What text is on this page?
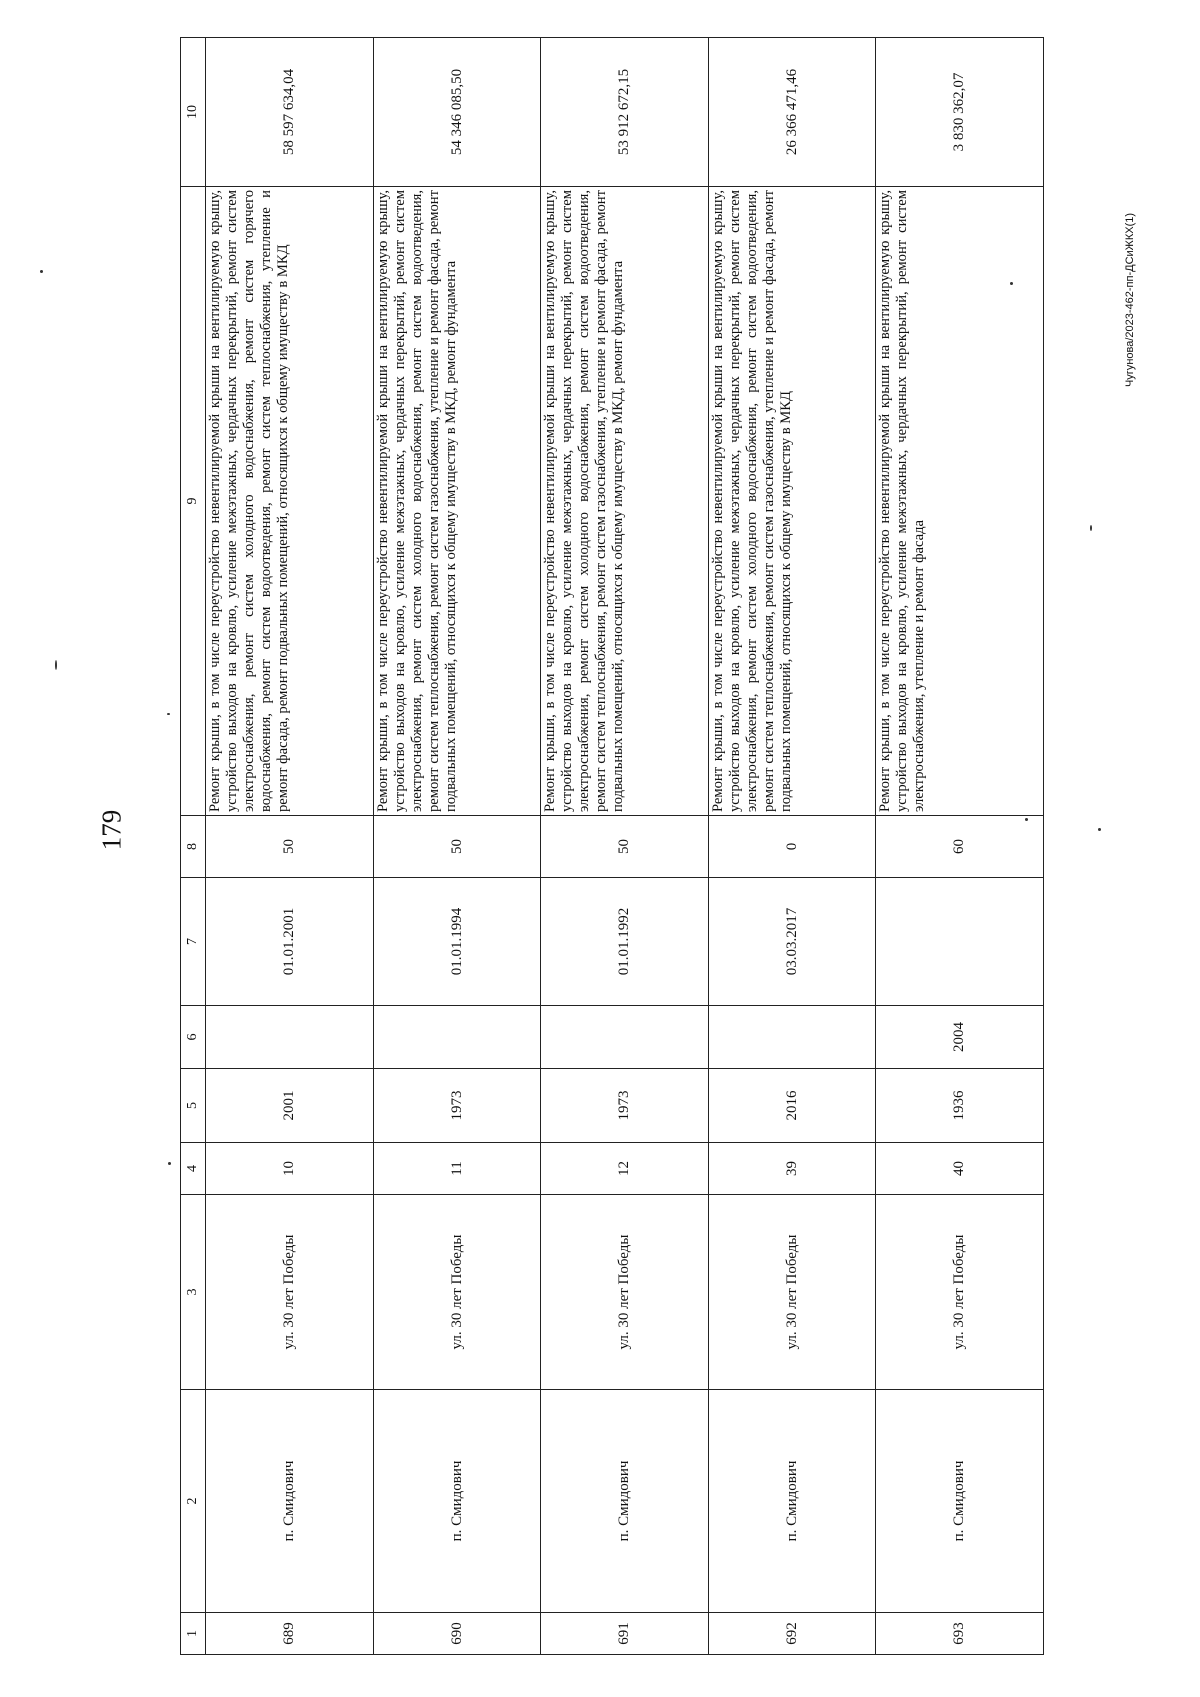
179
Чугунова/2023-462-пп-ДСиЖКХ(1)
1	2	3	4	5	6	7	8	9	10
689	п. Смидович	ул. 30 лет Победы	10	2001		01.01.2001	50	Ремонт крыши, в том числе переустройство невентилируемой крыши на вентилируемую крышу, устройство выходов на кровлю, усиление межэтажных, чердачных перекрытий, ремонт систем электроснабжения, ремонт систем холодного водоснабжения, ремонт систем горячего водоснабжения, ремонт систем водоотведения, ремонт систем теплоснабжения, утепление и ремонт фасада, ремонт подвальных помещений, относящихся к общему имуществу в МКД	58 597 634,04
690	п. Смидович	ул. 30 лет Победы	11	1973		01.01.1994	50	Ремонт крыши, в том числе переустройство невентилируемой крыши на вентилируемую крышу, устройство выходов на кровлю, усиление межэтажных, чердачных перекрытий, ремонт систем электроснабжения, ремонт систем холодного водоснабжения, ремонт систем водоотведения, ремонт систем теплоснабжения, ремонт систем газоснабжения, утепление и ремонт фасада, ремонт подвальных помещений, относящихся к общему имуществу в МКД, ремонт фундамента	54 346 085,50
691	п. Смидович	ул. 30 лет Победы	12	1973		01.01.1992	50	Ремонт крыши, в том числе переустройство невентилируемой крыши на вентилируемую крышу, устройство выходов на кровлю, усиление межэтажных, чердачных перекрытий, ремонт систем электроснабжения, ремонт систем холодного водоснабжения, ремонт систем водоотведения, ремонт систем теплоснабжения, ремонт систем газоснабжения, утепление и ремонт фасада, ремонт подвальных помещений, относящихся к общему имуществу в МКД, ремонт фундамента	53 912 672,15
692	п. Смидович	ул. 30 лет Победы	39	2016		03.03.2017	0	Ремонт крыши, в том числе переустройство невентилируемой крыши на вентилируемую крышу, устройство выходов на кровлю, усиление межэтажных, чердачных перекрытий, ремонт систем электроснабжения, ремонт систем холодного водоснабжения, ремонт систем водоотведения, ремонт систем теплоснабжения, ремонт систем газоснабжения, утепление и ремонт фасада, ремонт подвальных помещений, относящихся к общему имуществу в МКД	26 366 471,46
693	п. Смидович	ул. 30 лет Победы	40	1936	2004		60	Ремонт крыши, в том числе переустройство невентилируемой крыши на вентилируемую крышу, устройство выходов на кровлю, усиление межэтажных, чердачных перекрытий, ремонт систем электроснабжения, утепление и ремонт фасада	3 830 362,07
